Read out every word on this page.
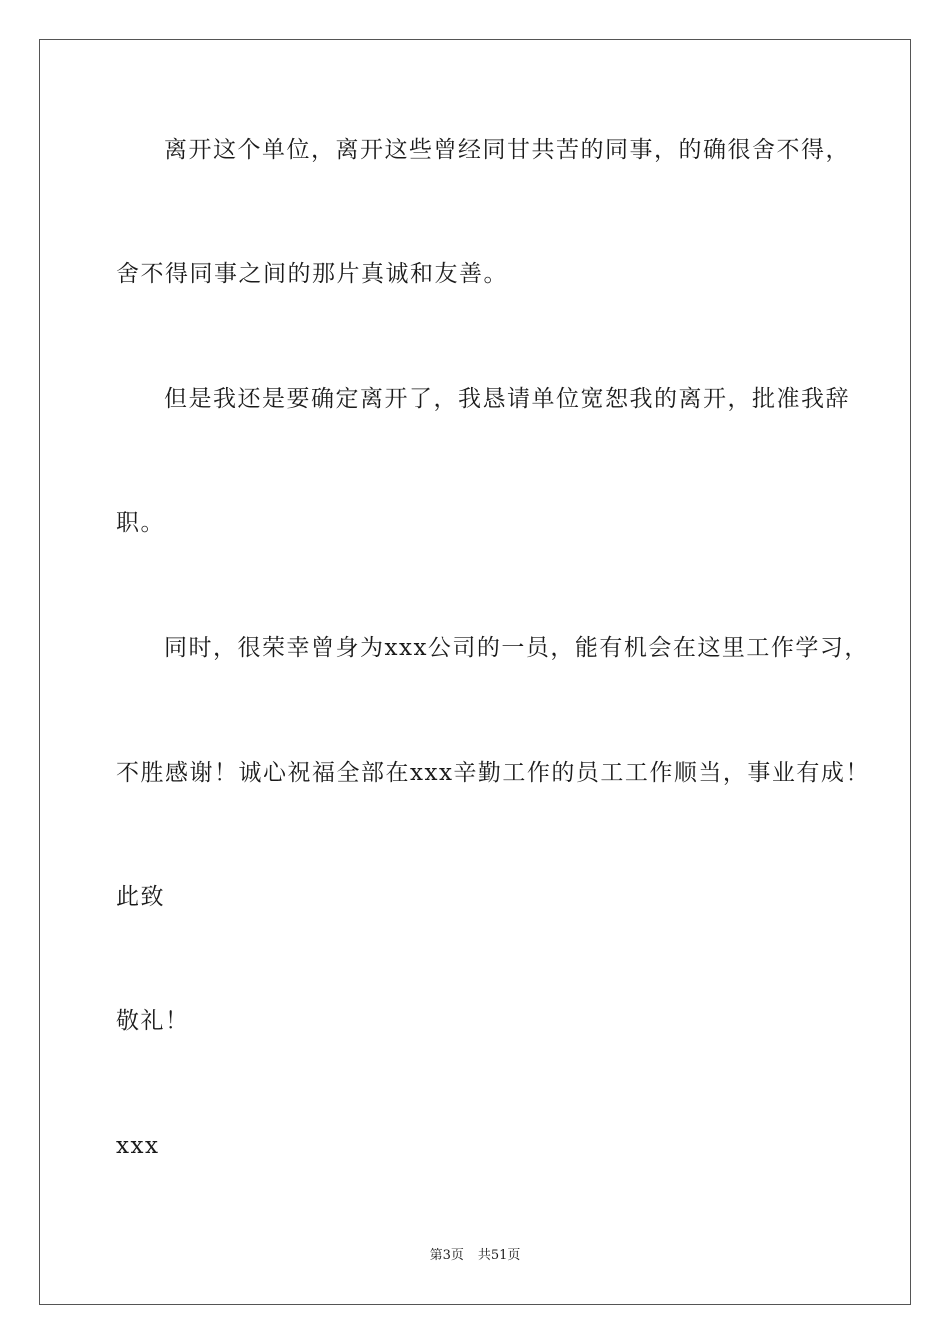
离开这个单位，离开这些曾经同甘共苦的同事，的确很舍不得，
舍不得同事之间的那片真诚和友善。
但是我还是要确定离开了，我恳请单位宽恕我的离开，批准我辞
职。
同时，很荣幸曾身为xxx公司的一员，能有机会在这里工作学习，
不胜感谢！诚心祝福全部在xxx辛勤工作的员工工作顺当，事业有成！
此致
敬礼！
xxx
第3页 共51页
